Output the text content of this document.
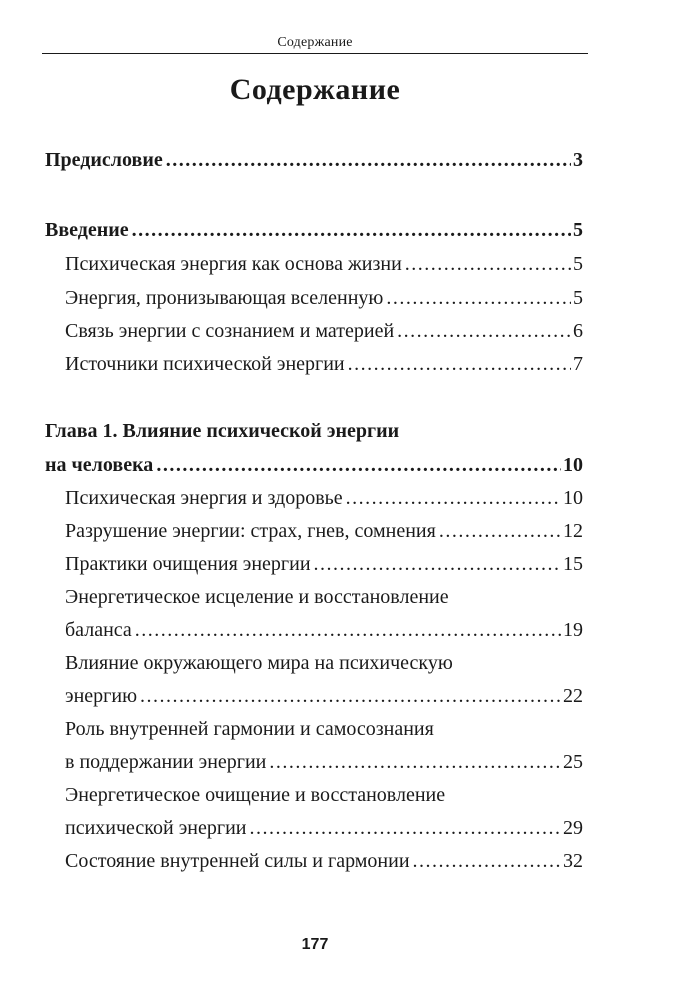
Содержание
Содержание
Предисловие .....	3
Введение .....	5
Психическая энергия как основа жизни .....	5
Энергия, пронизывающая вселенную .....	5
Связь энергии с сознанием и материей .....	6
Источники психической энергии .....	7
Глава 1. Влияние психической энергии
на человека .....	10
Психическая энергия и здоровье .....	10
Разрушение энергии: страх, гнев, сомнения .....	12
Практики очищения энергии .....	15
Энергетическое исцеление и восстановление
баланса .....	19
Влияние окружающего мира на психическую
энергию .....	22
Роль внутренней гармонии и самосознания
в поддержании энергии .....	25
Энергетическое очищение и восстановление
психической энергии .....	29
Состояние внутренней силы и гармонии .....	32
177
